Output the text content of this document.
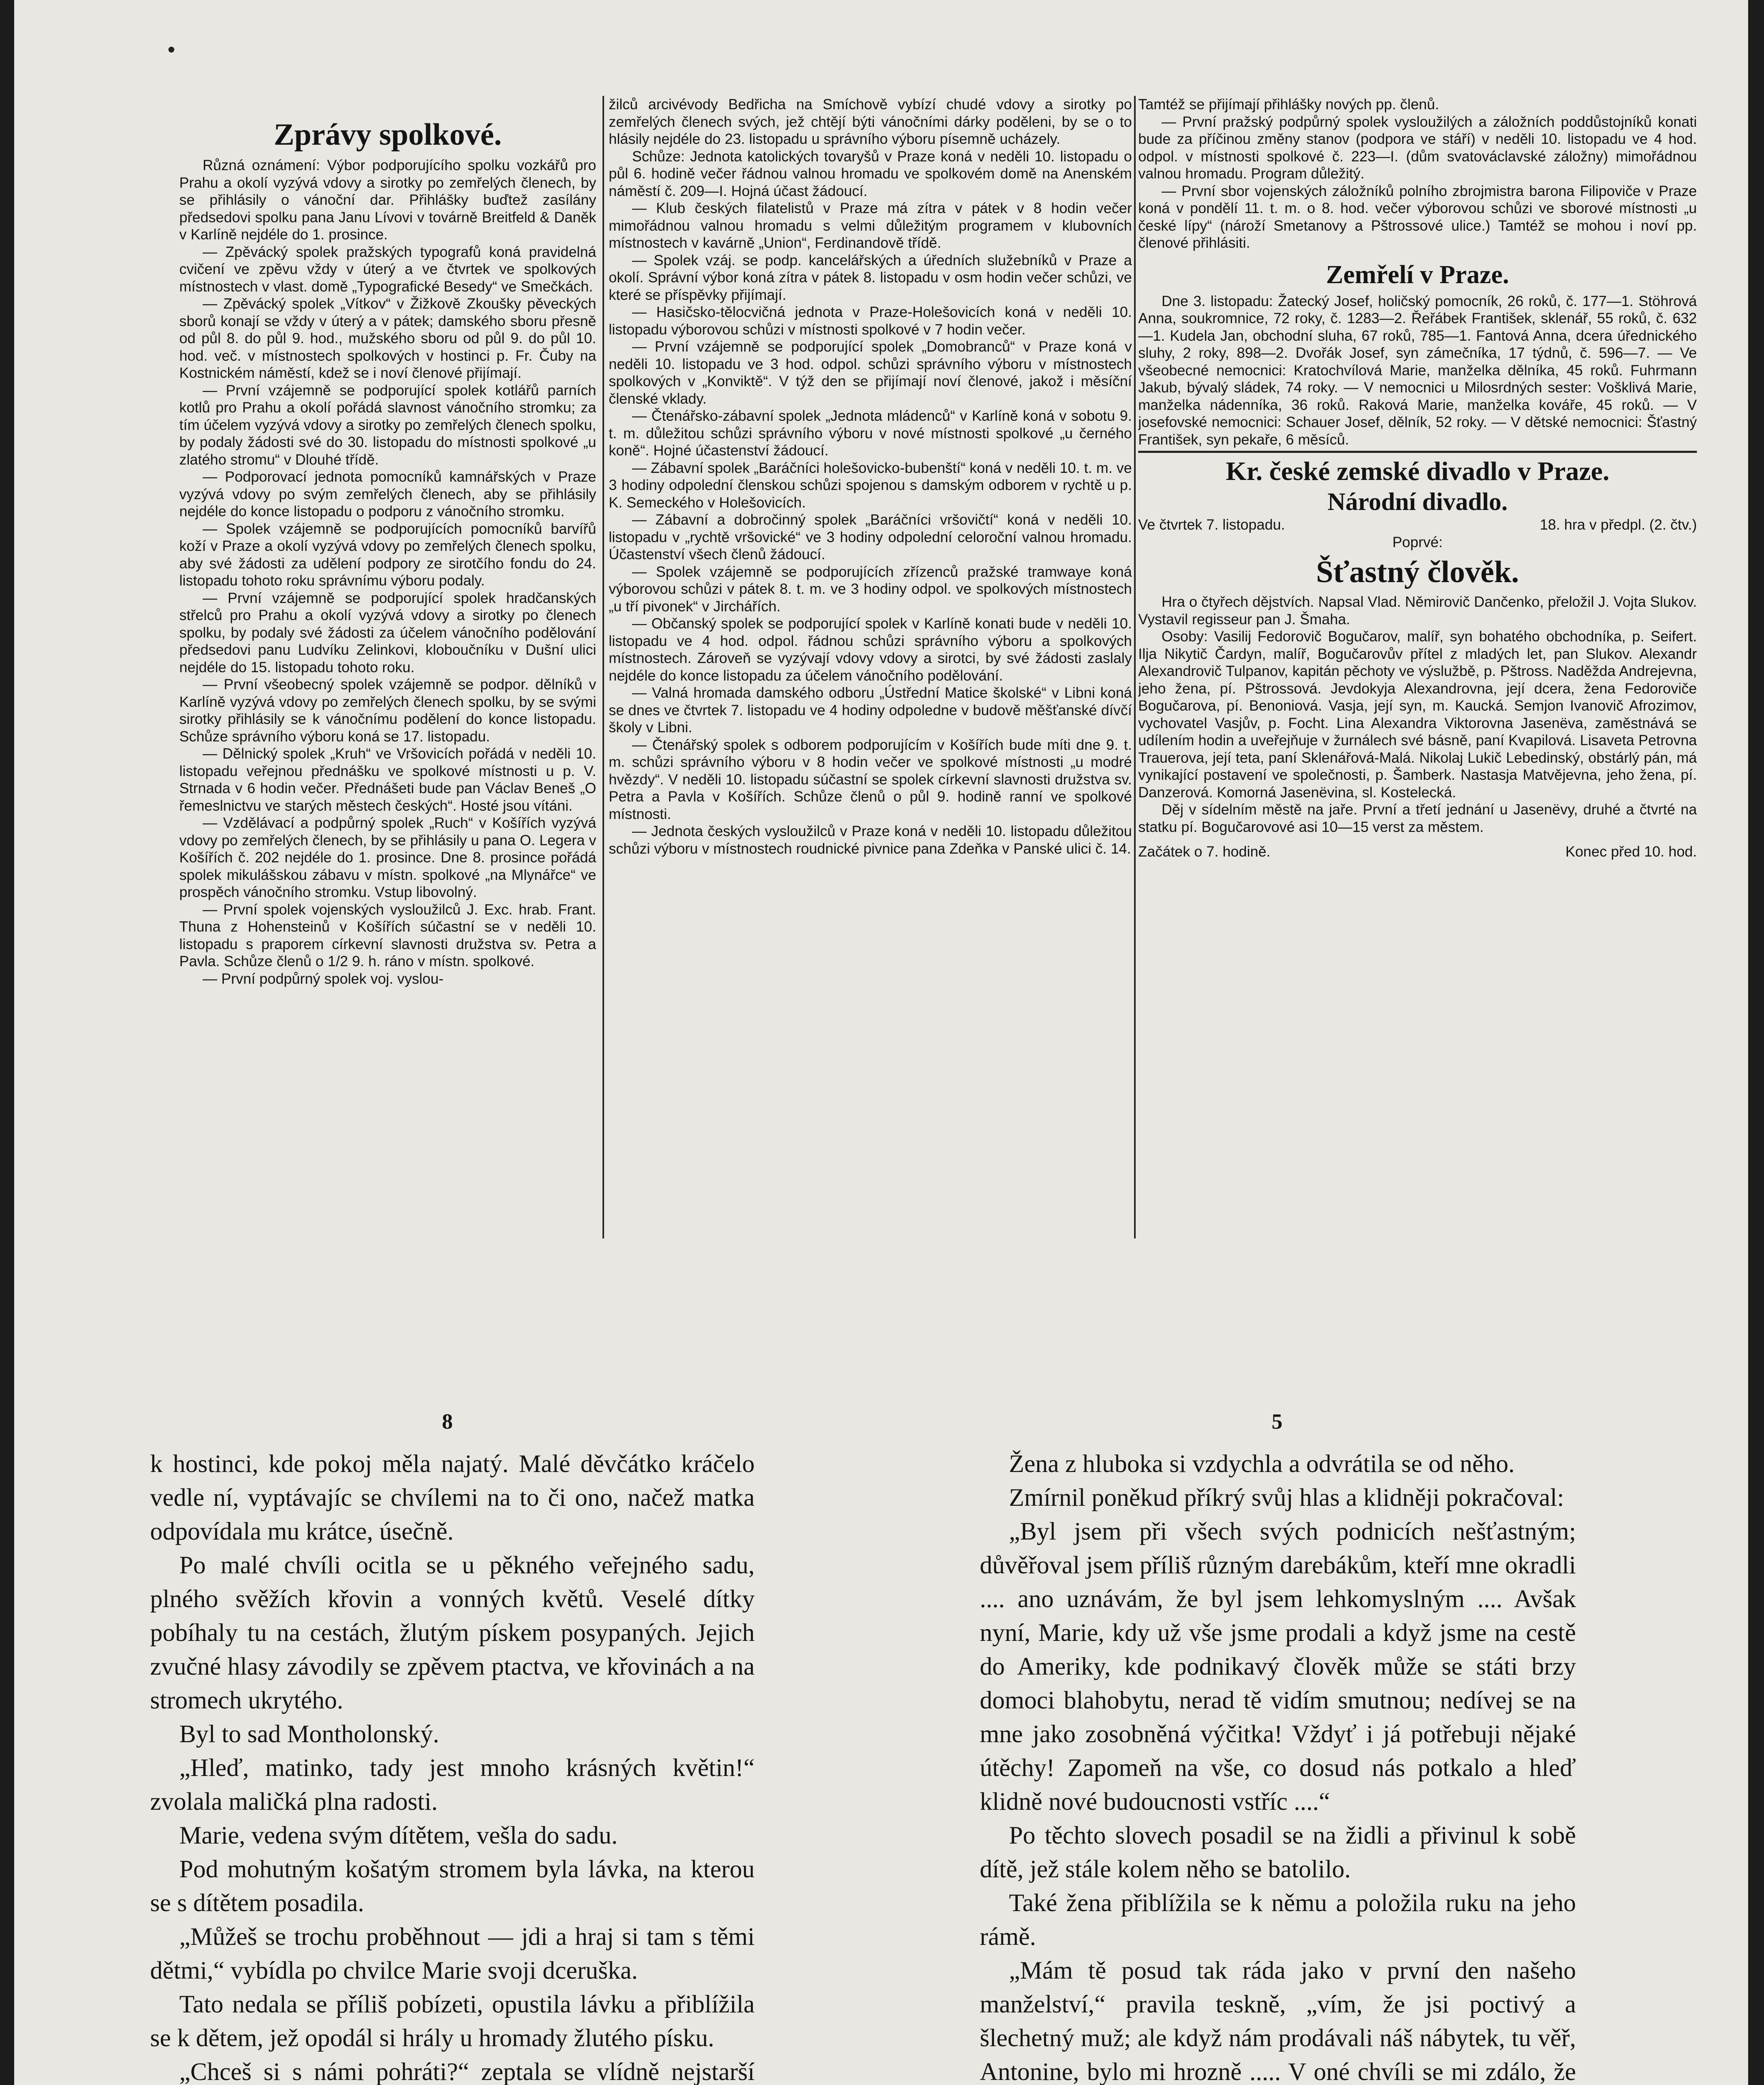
Zprávy spolkové.

Různá oznámení: Výbor podporujícího spolku vozkářů pro Prahu a okolí vyzývá vdovy a sirotky po zemřelých členech, by se přihlásily o vánoční dar. Přihlášky buďtež zasílány předsedovi spolku pana Janu Lívovi v továrně Breitfeld & Daněk v Karlíně nejdéle do 1. prosince.

— Zpěvácký spolek pražských typografů koná pravidelná cvičení ve zpěvu vždy v úterý a ve čtvrtek ve spolkových místnostech v vlast. domě „Typografické Besedy“ ve Smečkách.

— Zpěvácký spolek „Vítkov“ v Žižkově Zkoušky pěveckých sborů konají se vždy v úterý a v pátek; damského sboru přesně od půl 8. do půl 9. hod., mužského sboru od půl 9. do půl 10. hod. več. v místnostech spolkových v hostinci p. Fr. Čuby na Kostnickém náměstí, kdež se i noví členové přijímají.

— První vzájemně se podporující spolek kotlářů parních kotlů pro Prahu a okolí pořádá slavnost vánočního stromku; za tím účelem vyzývá vdovy a sirotky po zemřelých členech spolku, by podaly žádosti své do 30. listopadu do místnosti spolkové „u zlatého stromu“ v Dlouhé třídě.

— Podporovací jednota pomocníků kamnářských v Praze vyzývá vdovy po svým zemřelých členech, aby se přihlásily nejdéle do konce listopadu o podporu z vánočního stromku.

— Spolek vzájemně se podporujících pomocníků barvířů koží v Praze a okolí vyzývá vdovy po zemřelých členech spolku, aby své žádosti za udělení podpory ze sirotčího fondu do 24. listopadu tohoto roku správnímu výboru podaly.

— První vzájemně se podporující spolek hradčanských střelců pro Prahu a okolí vyzývá vdovy a sirotky po členech spolku, by podaly své žádosti za účelem vánočního podělování předsedovi panu Ludvíku Zelinkovi, kloboučníku v Dušní ulici nejdéle do 15. listopadu tohoto roku.

— První všeobecný spolek vzájemně se podpor. dělníků v Karlíně vyzývá vdovy po zemřelých členech spolku, by se svými sirotky přihlásily se k vánočnímu podělení do konce listopadu. Schůze správního výboru koná se 17. listopadu.

— Dělnický spolek „Kruh“ ve Vršovicích pořádá v neděli 10. listopadu veřejnou přednášku ve spolkové místnosti u p. V. Strnada v 6 hodin večer. Přednášeti bude pan Václav Beneš „O řemeslnictvu ve starých městech českých“. Hosté jsou vítáni.

— Vzdělávací a podpůrný spolek „Ruch“ v Košířích vyzývá vdovy po zemřelých členech, by se přihlásily u pana O. Legera v Košířích č. 202 nejdéle do 1. prosince. Dne 8. prosince pořádá spolek mikulášskou zábavu v místn. spolkové „na Mlynářce“ ve prospěch vánočního stromku. Vstup libovolný.

— První spolek vojenských vysloužilců J. Exc. hrab. Frant. Thuna z Hohensteinů v Košířích súčastní se v neděli 10. listopadu s praporem církevní slavnosti družstva sv. Petra a Pavla. Schůze členů o 1/2 9. h. ráno v místn. spolkové.

— První podpůrný spolek voj. vyslou-

žilců arcivévody Bedřicha na Smíchově vybízí chudé vdovy a sirotky po zemřelých členech svých, jež chtějí býti vánočními dárky poděleni, by se o to hlásily nejdéle do 23. listopadu u správního výboru písemně ucházely.

Schůze: Jednota katolických tovaryšů v Praze koná v neděli 10. listopadu o půl 6. hodině večer řádnou valnou hromadu ve spolkovém domě na Anenském náměstí č. 209—I. Hojná účast žádoucí.

— Klub českých filatelistů v Praze má zítra v pátek v 8 hodin večer mimořádnou valnou hromadu s velmi důležitým programem v klubovních místnostech v kavárně „Union“, Ferdinandově třídě.

— Spolek vzáj. se podp. kancelářských a úředních služebníků v Praze a okolí. Správní výbor koná zítra v pátek 8. listopadu v osm hodin večer schůzi, ve které se příspěvky přijímají.

— Hasičsko-tělocvičná jednota v Praze-Holešovicích koná v neděli 10. listopadu výborovou schůzi v místnosti spolkové v 7 hodin večer.

— První vzájemně se podporující spolek „Domobranců“ v Praze koná v neděli 10. listopadu ve 3 hod. odpol. schůzi správního výboru v místnostech spolkových v „Konviktě“. V týž den se přijímají noví členové, jakož i měsíční členské vklady.

— Čtenářsko-zábavní spolek „Jednota mládenců“ v Karlíně koná v sobotu 9. t. m. důležitou schůzi správního výboru v nové místnosti spolkové „u černého koně“. Hojné účastenství žádoucí.

— Zábavní spolek „Baráčníci holešovicko-bubenští“ koná v neděli 10. t. m. ve 3 hodiny odpolední členskou schůzi spojenou s damským odborem v rychtě u p. K. Semeckého v Holešovicích.

— Zábavní a dobročinný spolek „Baráčníci vršovičtí“ koná v neděli 10. listopadu v „rychtě vršovické“ ve 3 hodiny odpolední celoroční valnou hromadu. Účastenství všech členů žádoucí.

— Spolek vzájemně se podporujících zřízenců pražské tramwaye koná výborovou schůzi v pátek 8. t. m. ve 3 hodiny odpol. ve spolkových místnostech „u tří pivonek“ v Jirchářích.

— Občanský spolek se podporující spolek v Karlíně konati bude v neděli 10. listopadu ve 4 hod. odpol. řádnou schůzi správního výboru a spolkových místnostech. Zároveň se vyzývají vdovy vdovy a sirotci, by své žádosti zaslaly nejdéle do konce listopadu za účelem vánočního podělování.

— Valná hromada damského odboru „Ústřední Matice školské“ v Libni koná se dnes ve čtvrtek 7. listopadu ve 4 hodiny odpoledne v budově měšťanské dívčí školy v Libni.

— Čtenářský spolek s odborem podporujícím v Košířích bude míti dne 9. t. m. schůzi správního výboru v 8 hodin večer ve spolkové místnosti „u modré hvězdy“. V neděli 10. listopadu súčastní se spolek církevní slavnosti družstva sv. Petra a Pavla v Košířích. Schůze členů o půl 9. hodině ranní ve spolkové místnosti.

— Jednota českých vysloužilců v Praze koná v neděli 10. listopadu důležitou schůzi výboru v místnostech roudnické pivnice pana Zdeňka v Panské ulici č. 14.

Tamtéž se přijímají přihlášky nových pp. členů.

— První pražský podpůrný spolek vysloužilých a záložních poddůstojníků konati bude za příčinou změny stanov (podpora ve stáří) v neděli 10. listopadu ve 4 hod. odpol. v místnosti spolkové č. 223—I. (dům svatováclavské záložny) mimořádnou valnou hromadu. Program důležitý.

— První sbor vojenských záložníků polního zbrojmistra barona Filipoviče v Praze koná v pondělí 11. t. m. o 8. hod. večer výborovou schůzi ve sborové místnosti „u české lípy“ (nároží Smetanovy a Pštrossové ulice.) Tamtéž se mohou i noví pp. členové přihlásiti.

Zemřelí v Praze.

Dne 3. listopadu: Žatecký Josef, holičský pomocník, 26 roků, č. 177—1. Stöhrová Anna, soukromnice, 72 roky, č. 1283—2. Řeřábek František, sklenář, 55 roků, č. 632—1. Kudela Jan, obchodní sluha, 67 roků, 785—1. Fantová Anna, dcera úřednického sluhy, 2 roky, 898—2. Dvořák Josef, syn zámečníka, 17 týdnů, č. 596—7. — Ve všeobecné nemocnici: Kratochvílová Marie, manželka dělníka, 45 roků. Fuhrmann Jakub, bývalý sládek, 74 roky. — V nemocnici u Milosrdných sester: Vošklivá Marie, manželka nádenníka, 36 roků. Raková Marie, manželka kováře, 45 roků. — V josefovské nemocnici: Schauer Josef, dělník, 52 roky. — V dětské nemocnici: Šťastný František, syn pekaře, 6 měsíců.

Kr. české zemské divadlo v Praze.
Národní divadlo.
Ve čtvrtek 7. listopadu.	18. hra v předpl. (2. čtv.)
Poprvé:
Šťastný člověk.

Hra o čtyřech dějstvích. Napsal Vlad. Němirovič Dančenko, přeložil J. Vojta Slukov. Vystavil regisseur pan J. Šmaha.

Osoby: Vasilij Fedorovič Bogučarov, malíř, syn bohatého obchodníka, p. Seifert. Ilja Nikytič Čardyn, malíř, Bogučarovův přítel z mladých let, pan Slukov. Alexandr Alexandrovič Tulpanov, kapitán pěchoty ve výslužbě, p. Pštross. Naděžda Andrejevna, jeho žena, pí. Pštrossová. Jevdokyja Alexandrovna, její dcera, žena Fedorovičе Bogučarova, pí. Benoniová. Vasja, její syn, m. Kaucká. Semjon Ivanovič Afrozimov, vychovatel Vasjův, p. Focht. Lina Alexandra Viktorovna Jasenëva, zaměstnává se udílením hodin a uveřejňuje v žurnálech své básně, paní Kvapilová. Lisaveta Petrovna Trauerova, její teta, paní Sklenářová-Malá. Nikolaj Lukič Lebedinský, obstárlý pán, má vynikající postavení ve společnosti, p. Šamberk. Nastasja Matvějevna, jeho žena, pí. Danzerová. Komorná Jasenëvina, sl. Kostelecká.

Děj v sídelním městě na jaře. První a třetí jednání u Jasenëvy, druhé a čtvrté na statku pí. Bogučarovové asi 10—15 verst za městem.

Začátek o 7. hodině.	Konec před 10. hod.
8	5

k hostinci, kde pokoj měla najatý. Malé děvčátko kráčelo vedle ní, vyptávajíc se chvílemi na to či ono, načež matka odpovídala mu krátce, úsečně.

Po malé chvíli ocitla se u pěkného veřejného sadu, plného svěžích křovin a vonných květů. Veselé dítky pobíhaly tu na cestách, žlutým pískem posypaných. Jejich zvučné hlasy závodily se zpěvem ptactva, ve křovinách a na stromech ukrytého.

Byl to sad Montholonský.

„Hleď, matinko, tady jest mnoho krásných květin!“ zvolala maličká plna radosti.

Marie, vedena svým dítětem, vešla do sadu.

Pod mohutným košatým stromem byla lávka, na kterou se s dítětem posadila.

„Můžeš se trochu proběhnout — jdi a hraj si tam s těmi dětmi,“ vybídla po chvilce Marie svoji dceruška.

Tato nedala se příliš pobízeti, opustila lávku a přiblížila se k dětem, jež opodál si hrály u hromady žlutého písku.

„Chceš si s námi pohráti?“ zeptala se vlídně nejstarší

Žena z hluboka si vzdychla a odvrátila se od něho.

Zmírnil poněkud příkrý svůj hlas a klidněji pokračoval:

„Byl jsem při všech svých podnicích nešťastným; důvěřoval jsem příliš různým darebákům, kteří mne okradli .... ano uznávám, že byl jsem lehkomyslným .... Avšak nyní, Marie, kdy už vše jsme prodali a když jsme na cestě do Ameriky, kde podnikavý člověk může se státi brzy domoci blahobytu, nerad tě vidím smutnou; nedívej se na mne jako zosobněná výčitka! Vždyť i já potřebuji nějaké útěchy! Zapomeň na vše, co dosud nás potkalo a hleď klidně nové budoucnosti vstříc ....“

Po těchto slovech posadil se na židli a přivinul k sobě dítě, jež stále kolem něho se batolilo.

Také žena přiblížila se k němu a položila ruku na jeho rámě.

„Mám tě posud tak ráda jako v první den našeho manželství,“ pravila teskně, „vím, že jsi poctivý a šlechetný muž; ale když nám prodávali náš nábytek, tu věř, Antonine, bylo mi hrozně ..... V oné chvíli se mi zdálo, že
